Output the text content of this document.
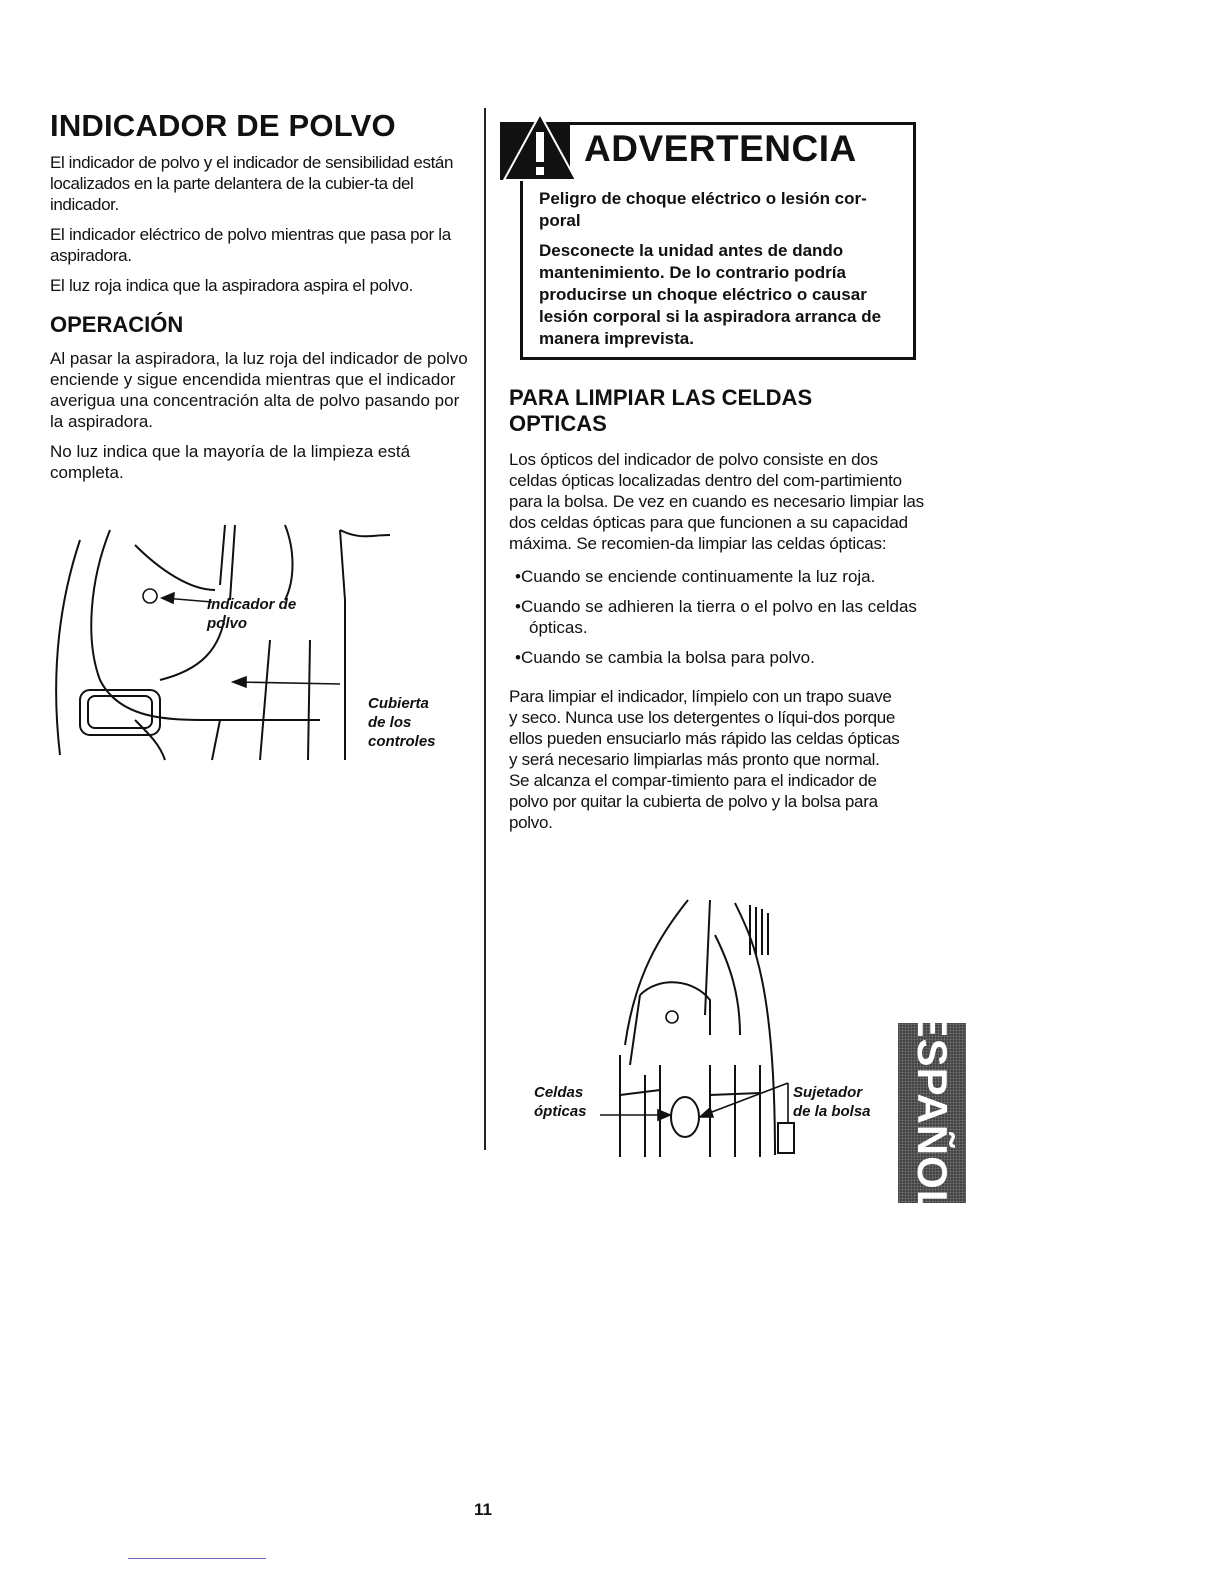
INDICADOR DE POLVO

El indicador de polvo y el indicador de sensibilidad están localizados en la parte delantera de la cubier-ta del indicador.

El indicador eléctrico de polvo mientras que pasa por la aspiradora.

El luz roja indica que la aspiradora aspira el polvo.

OPERACIÓN

Al pasar la aspiradora, la luz roja del indicador de polvo enciende y sigue encendida mientras que el indicador averigua una concentración alta de polvo pasando por la aspiradora.

No luz indica que la mayoría de la limpieza está completa.

Indicador de
polvo
Cubierta
de los
controles
ADVERTENCIA
Peligro de choque eléctrico o lesión cor-poral
Desconecte la unidad antes de dando mantenimiento. De lo contrario podría producirse un choque eléctrico o causar lesión corporal si la aspiradora arranca de manera imprevista.
PARA LIMPIAR LAS CELDAS
OPTICAS

Los ópticos del indicador de polvo consiste en dos celdas ópticas localizadas dentro del com-partimiento para la bolsa. De vez en cuando es necesario limpiar las dos celdas ópticas para que funcionen a su capacidad máxima. Se recomien-da limpiar las celdas ópticas:

•Cuando se enciende continuamente la luz roja.

•Cuando se adhieren la tierra o el polvo en las celdas ópticas.

•Cuando se cambia la bolsa para polvo.

Para limpiar el indicador, límpielo con un trapo suave y seco. Nunca use los detergentes o líqui-dos porque ellos pueden ensuciarlo más rápido las celdas ópticas y será necesario limpiarlas más pronto que normal. Se alcanza el compar-timiento para el indicador de polvo por quitar la cubierta de polvo y la bolsa para polvo.

Celdas
ópticas
Sujetador
de la bolsa ESPAÑOL
11
